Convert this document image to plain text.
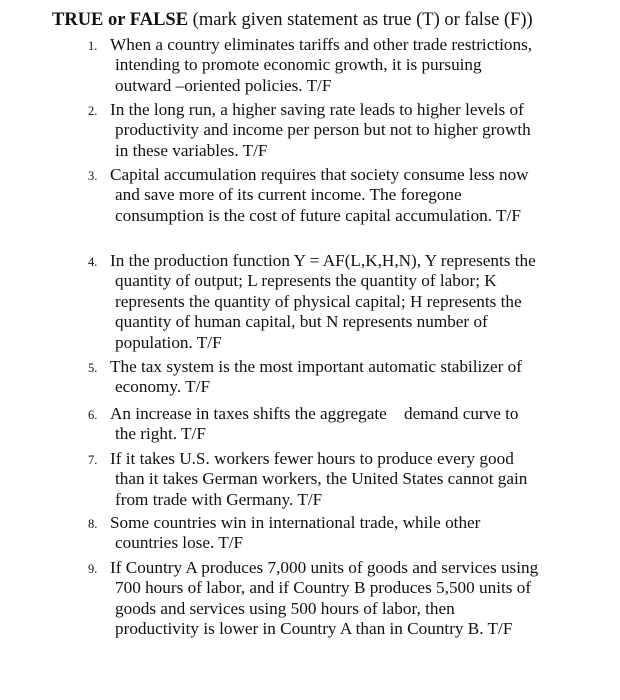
TRUE or FALSE (mark given statement as true (T) or false (F))
1. When a country eliminates tariffs and other trade restrictions, intending to promote economic growth, it is pursuing outward –oriented policies. T/F
2. In the long run, a higher saving rate leads to higher levels of productivity and income per person but not to higher growth in these variables. T/F
3. Capital accumulation requires that society consume less now and save more of its current income. The foregone consumption is the cost of future capital accumulation. T/F
4. In the production function Y = AF(L,K,H,N), Y represents the quantity of output; L represents the quantity of labor; K represents the quantity of physical capital; H represents the quantity of human capital, but N represents number of population. T/F
5. The tax system is the most important automatic stabilizer of economy. T/F
6. An increase in taxes shifts the aggregate    demand curve to the right. T/F
7. If it takes U.S. workers fewer hours to produce every good than it takes German workers, the United States cannot gain from trade with Germany. T/F
8. Some countries win in international trade, while other countries lose. T/F
9. If Country A produces 7,000 units of goods and services using 700 hours of labor, and if Country B produces 5,500 units of goods and services using 500 hours of labor, then productivity is lower in Country A than in Country B. T/F
